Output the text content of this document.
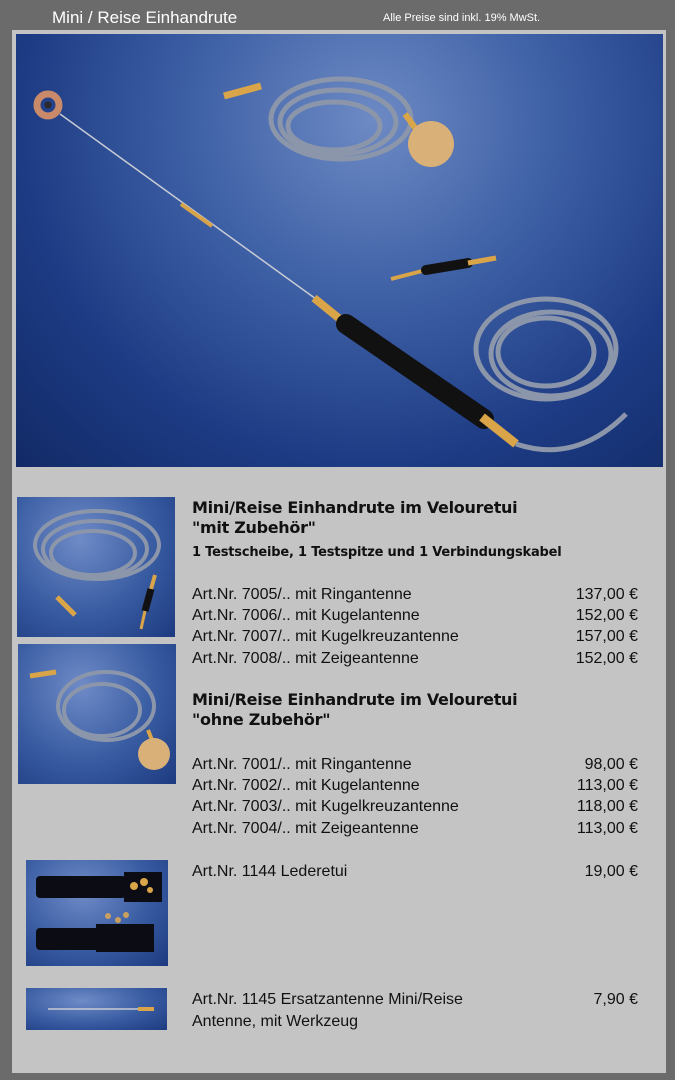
Mini / Reise Einhandrute	Alle Preise sind inkl. 19% MwSt.
Mini/Reise Einhandrute im Velouretui
"mit Zubehör"
1 Testscheibe, 1 Testspitze und 1 Verbindungskabel
Art.Nr. 7005/.. mit Ringantenne	137,00 €
Art.Nr. 7006/.. mit Kugelantenne	152,00 €
Art.Nr. 7007/.. mit Kugelkreuzantenne	157,00 €
Art.Nr. 7008/.. mit Zeigeantenne	152,00 €
Mini/Reise Einhandrute im Velouretui
"ohne Zubehör"
Art.Nr. 7001/.. mit Ringantenne	98,00 €
Art.Nr. 7002/.. mit Kugelantenne	113,00 €
Art.Nr. 7003/.. mit Kugelkreuzantenne	118,00 €
Art.Nr. 7004/.. mit Zeigeantenne	113,00 €
Art.Nr. 1144 Lederetui	19,00 €
Art.Nr. 1145 Ersatzantenne Mini/Reise	7,90 €
Antenne, mit Werkzeug
